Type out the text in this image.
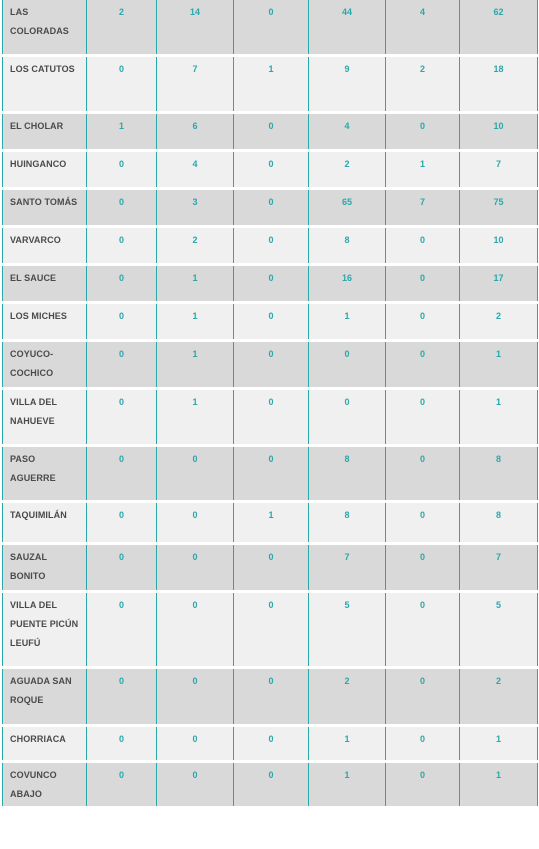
LAS COLORADAS	2	14	0	44	4	62
LOS CATUTOS	0	7	1	9	2	18
EL CHOLAR	1	6	0	4	0	10
HUINGANCO	0	4	0	2	1	7
SANTO TOMÁS	0	3	0	65	7	75
VARVARCO	0	2	0	8	0	10
EL SAUCE	0	1	0	16	0	17
LOS MICHES	0	1	0	1	0	2
COYUCO-COCHICO	0	1	0	0	0	1
VILLA DEL NAHUEVE	0	1	0	0	0	1
PASO AGUERRE	0	0	0	8	0	8
TAQUIMILÁN	0	0	1	8	0	8
SAUZAL BONITO	0	0	0	7	0	7
VILLA DEL PUENTE PICÚN LEUFÚ	0	0	0	5	0	5
AGUADA SAN ROQUE	0	0	0	2	0	2
CHORRIACA	0	0	0	1	0	1
COVUNCO ABAJO	0	0	0	1	0	1
